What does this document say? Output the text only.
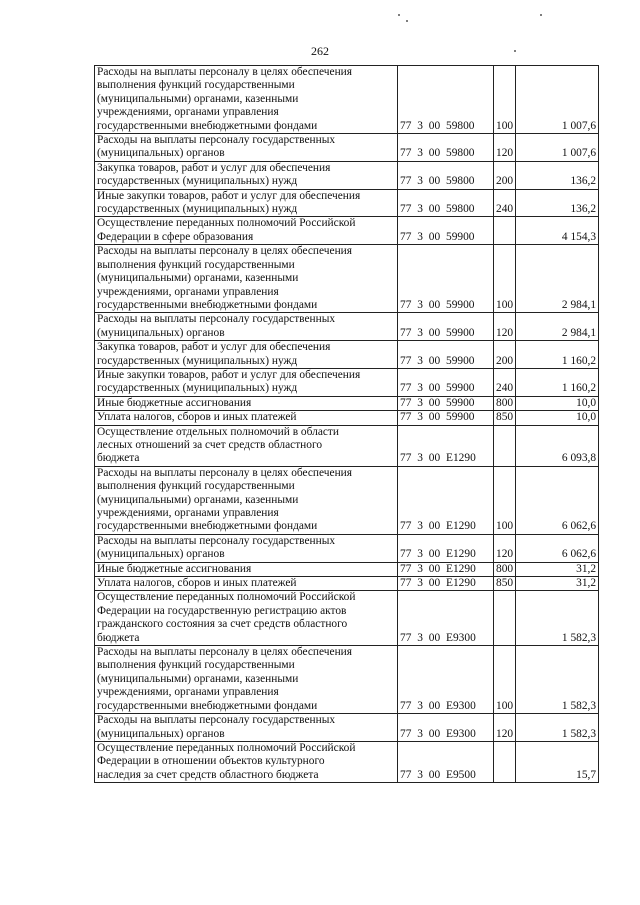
262
Расходы на выплаты персоналу в целях обеспечения
выполнения функций государственными
(муниципальными) органами, казенными
учреждениями, органами управления
государственными внебюджетными фондами	77 3 00 59800	100	1 007,6
Расходы на выплаты персоналу государственных
(муниципальных) органов	77 3 00 59800	120	1 007,6
Закупка товаров, работ и услуг для обеспечения
государственных (муниципальных) нужд	77 3 00 59800	200	136,2
Иные закупки товаров, работ и услуг для обеспечения
государственных (муниципальных) нужд	77 3 00 59800	240	136,2
Осуществление переданных полномочий Российской
Федерации в сфере образования	77 3 00 59900		4 154,3
Расходы на выплаты персоналу в целях обеспечения
выполнения функций государственными
(муниципальными) органами, казенными
учреждениями, органами управления
государственными внебюджетными фондами	77 3 00 59900	100	2 984,1
Расходы на выплаты персоналу государственных
(муниципальных) органов	77 3 00 59900	120	2 984,1
Закупка товаров, работ и услуг для обеспечения
государственных (муниципальных) нужд	77 3 00 59900	200	1 160,2
Иные закупки товаров, работ и услуг для обеспечения
государственных (муниципальных) нужд	77 3 00 59900	240	1 160,2
Иные бюджетные ассигнования	77 3 00 59900	800	10,0
Уплата налогов, сборов и иных платежей	77 3 00 59900	850	10,0
Осуществление отдельных полномочий в области
лесных отношений за счет средств областного
бюджета	77 3 00 E1290		6 093,8
Расходы на выплаты персоналу в целях обеспечения
выполнения функций государственными
(муниципальными) органами, казенными
учреждениями, органами управления
государственными внебюджетными фондами	77 3 00 E1290	100	6 062,6
Расходы на выплаты персоналу государственных
(муниципальных) органов	77 3 00 E1290	120	6 062,6
Иные бюджетные ассигнования	77 3 00 E1290	800	31,2
Уплата налогов, сборов и иных платежей	77 3 00 E1290	850	31,2
Осуществление переданных полномочий Российской
Федерации на государственную регистрацию актов
гражданского состояния за счет средств областного
бюджета	77 3 00 E9300		1 582,3
Расходы на выплаты персоналу в целях обеспечения
выполнения функций государственными
(муниципальными) органами, казенными
учреждениями, органами управления
государственными внебюджетными фондами	77 3 00 E9300	100	1 582,3
Расходы на выплаты персоналу государственных
(муниципальных) органов	77 3 00 E9300	120	1 582,3
Осуществление переданных полномочий Российской
Федерации в отношении объектов культурного
наследия за счет средств областного бюджета	77 3 00 E9500		15,7
